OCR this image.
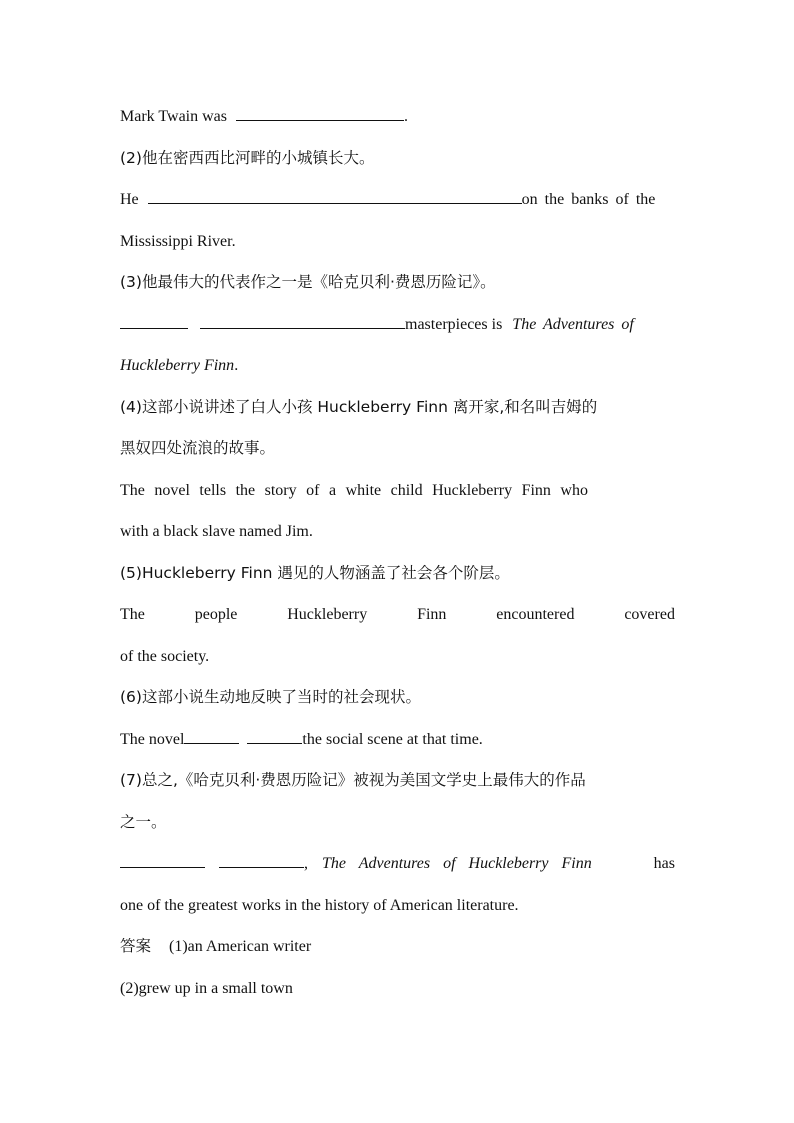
Mark Twain was	.
(2)他在密西西比河畔的小城镇长大。
He	on the banks of the
Mississippi River.
(3)他最伟大的代表作之一是《哈克贝利·费恩历险记》。
masterpieces is The Adventures of
Huckleberry Finn.
(4)这部小说讲述了白人小孩 Huckleberry Finn 离开家,和名叫吉姆的
黑奴四处流浪的故事。
The novel tells the story of a white child Huckleberry Finn who
with a black slave named Jim.
(5)Huckleberry Finn 遇见的人物涵盖了社会各个阶层。
The	people	Huckleberry	Finn	encountered	covered
of the society.
(6)这部小说生动地反映了当时的社会现状。
The novel	the social scene at that time.
(7)总之,《哈克贝利·费恩历险记》被视为美国文学史上最伟大的作品
之一。
, The Adventures of Huckleberry Finn	has
one of the greatest works in the history of American literature.
答案 (1)an American writer
(2)grew up in a small town
